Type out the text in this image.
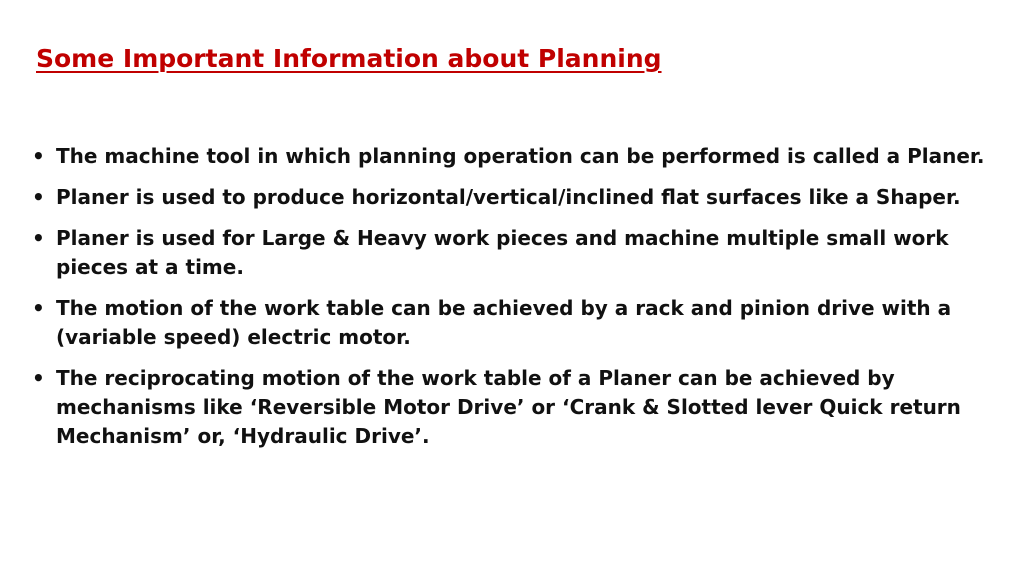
Some Important Information about Planning
• The machine tool in which planning operation can be performed is called a Planer.
• Planer is used to produce horizontal/vertical/inclined flat surfaces like a Shaper.
• Planer is used for Large & Heavy work pieces and machine multiple small work pieces at a time.
• The motion of the work table can be achieved by a rack and pinion drive with a (variable speed) electric motor.
• The reciprocating motion of the work table of a Planer can be achieved by mechanisms like ‘Reversible Motor Drive’ or ‘Crank & Slotted lever Quick return Mechanism’ or, ‘Hydraulic Drive’.
